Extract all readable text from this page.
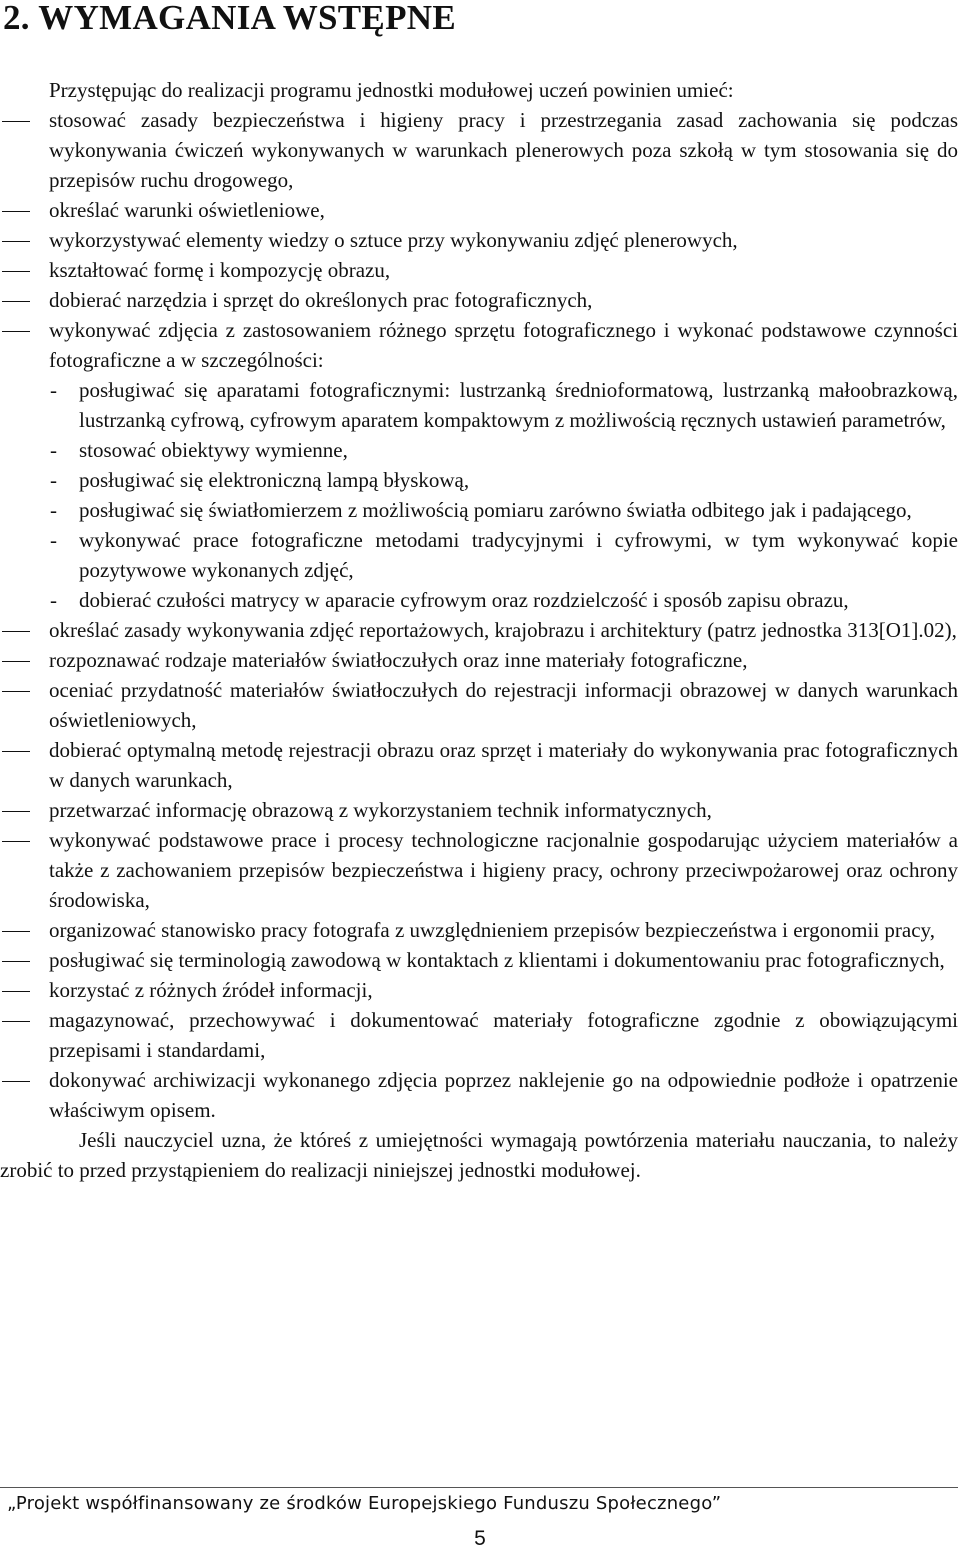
2. WYMAGANIA WSTĘPNE

Przystępując do realizacji programu jednostki modułowej uczeń powinien umieć:

stosować zasady bezpieczeństwa i higieny pracy i przestrzegania zasad zachowania się podczas wykonywania ćwiczeń wykonywanych w warunkach plenerowych poza szkołą w tym stosowania się do przepisów ruchu drogowego,
określać warunki oświetleniowe,
wykorzystywać elementy wiedzy o sztuce przy wykonywaniu zdjęć plenerowych,
kształtować formę i kompozycję obrazu,
dobierać narzędzia i sprzęt do określonych prac fotograficznych,
wykonywać zdjęcia z zastosowaniem różnego sprzętu fotograficznego i wykonać podstawowe czynności fotograficzne a w szczególności:
- posługiwać się aparatami fotograficznymi: lustrzanką średnioformatową, lustrzanką małoobrazkową, lustrzanką cyfrową, cyfrowym aparatem kompaktowym z możliwością ręcznych ustawień parametrów,
- stosować obiektywy wymienne,
- posługiwać się elektroniczną lampą błyskową,
- posługiwać się światłomierzem z możliwością pomiaru zarówno światła odbitego jak i padającego,
- wykonywać prace fotograficzne metodami tradycyjnymi i cyfrowymi, w tym wykonywać kopie pozytywowe wykonanych zdjęć,
- dobierać czułości matrycy w aparacie cyfrowym oraz rozdzielczość i sposób zapisu obrazu,
określać zasady wykonywania zdjęć reportażowych, krajobrazu i architektury (patrz jednostka 313[O1].02),
rozpoznawać rodzaje materiałów światłoczułych oraz inne materiały fotograficzne,
oceniać przydatność materiałów światłoczułych do rejestracji informacji obrazowej w danych warunkach oświetleniowych,
dobierać optymalną metodę rejestracji obrazu oraz sprzęt i materiały do wykonywania prac fotograficznych w danych warunkach,
przetwarzać informację obrazową z wykorzystaniem technik informatycznych,
wykonywać podstawowe prace i procesy technologiczne racjonalnie gospodarując użyciem materiałów a także z zachowaniem przepisów bezpieczeństwa i higieny pracy, ochrony przeciwpożarowej oraz ochrony środowiska,
organizować stanowisko pracy fotografa z uwzględnieniem przepisów bezpieczeństwa i ergonomii pracy,
posługiwać się terminologią zawodową w kontaktach z klientami i dokumentowaniu prac fotograficznych,
korzystać z różnych źródeł informacji,
magazynować, przechowywać i dokumentować materiały fotograficzne zgodnie z obowiązującymi przepisami i standardami,
dokonywać archiwizacji wykonanego zdjęcia poprzez naklejenie go na odpowiednie podłoże i opatrzenie właściwym opisem.

Jeśli nauczyciel uzna, że któreś z umiejętności wymagają powtórzenia materiału nauczania, to należy zrobić to przed przystąpieniem do realizacji niniejszej jednostki modułowej.

„Projekt współfinansowany ze środków Europejskiego Funduszu Społecznego”
5
